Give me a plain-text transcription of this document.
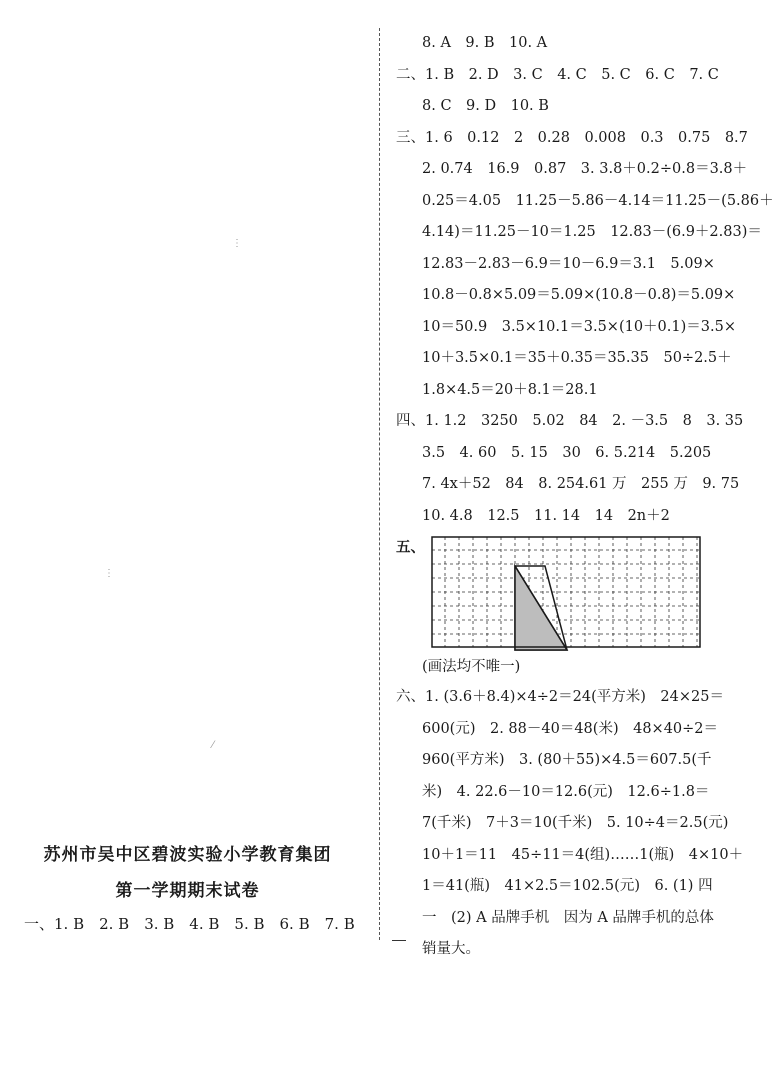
⋮
⋮
⁄
苏州市吴中区碧波实验小学教育集团
第一学期期末试卷
一、1. B　2. B　3. B　4. B　5. B　6. B　7. B
8. A　9. B　10. A
二、1. B　2. D　3. C　4. C　5. C　6. C　7. C
8. C　9. D　10. B
三、1. 6　0.12　2　0.28　0.008　0.3　0.75　8.7
2. 0.74　16.9　0.87　3. 3.8＋0.2÷0.8＝3.8＋
0.25＝4.05　11.25－5.86－4.14＝11.25－(5.86＋
4.14)＝11.25－10＝1.25　12.83－(6.9＋2.83)＝
12.83－2.83－6.9＝10－6.9＝3.1　5.09×
10.8－0.8×5.09＝5.09×(10.8－0.8)＝5.09×
10＝50.9　3.5×10.1＝3.5×(10＋0.1)＝3.5×
10＋3.5×0.1＝35＋0.35＝35.35　50÷2.5＋
1.8×4.5＝20＋8.1＝28.1
四、1. 1.2　3250　5.02　84　2. －3.5　8　3. 35
3.5　4. 60　5. 15　30　6. 5.214　5.205
7. 4x＋52　84　8. 254.61 万　255 万　9. 75
10. 4.8　12.5　11. 14　14　2n＋2
五、
(画法均不唯一)
六、1. (3.6＋8.4)×4÷2＝24(平方米)　24×25＝
600(元)　2. 88－40＝48(米)　48×40÷2＝
960(平方米)　3. (80＋55)×4.5＝607.5(千
米)　4. 22.6－10＝12.6(元)　12.6÷1.8＝
7(千米)　7＋3＝10(千米)　5. 10÷4＝2.5(元)
10＋1＝11　45÷11＝4(组)……1(瓶)　4×10＋
1＝41(瓶)　41×2.5＝102.5(元)　6. (1) 四
一　(2) A 品牌手机　因为 A 品牌手机的总体
销量大。
